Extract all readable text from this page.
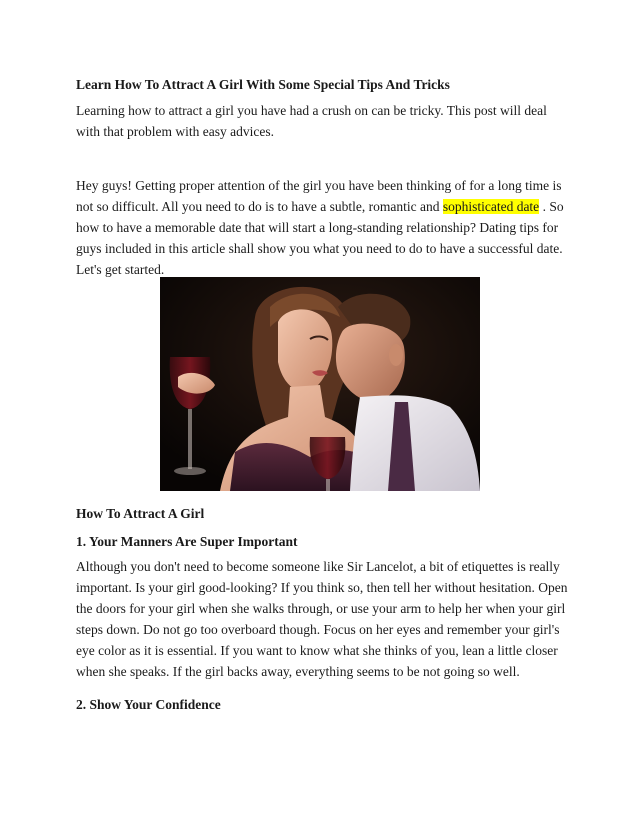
Learn How To Attract A Girl With Some Special Tips And Tricks

Learning how to attract a girl you have had a crush on can be tricky. This post will deal with that problem with easy advices.

Hey guys! Getting proper attention of the girl you have been thinking of for a long time is not so difficult. All you need to do is to have a subtle, romantic and sophisticated date . So how to have a memorable date that will start a long-standing relationship? Dating tips for guys included in this article shall show you what you need to do to have a successful date. Let's get started.

How To Attract A Girl

1. Your Manners Are Super Important

Although you don't need to become someone like Sir Lancelot, a bit of etiquettes is really important. Is your girl good-looking? If you think so, then tell her without hesitation. Open the doors for your girl when she walks through, or use your arm to help her when your girl steps down. Do not go too overboard though. Focus on her eyes and remember your girl's eye color as it is essential. If you want to know what she thinks of you, lean a little closer when she speaks. If the girl backs away, everything seems to be not going so well.

2. Show Your Confidence
